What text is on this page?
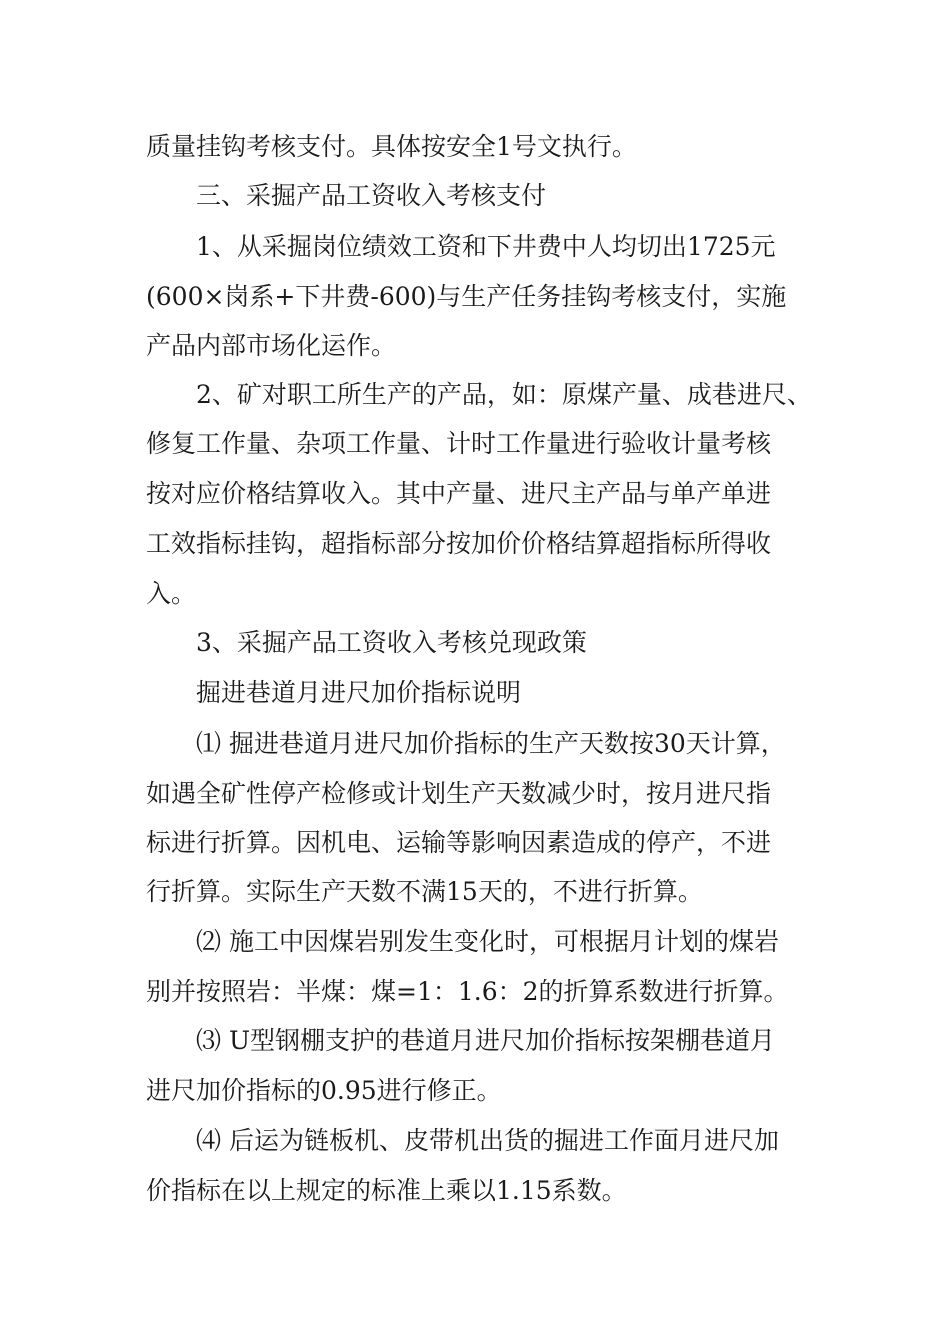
质量挂钩考核支付。具体按安全1号文执行。
三、采掘产品工资收入考核支付
1、从采掘岗位绩效工资和下井费中人均切出1725元
(600×岗系+下井费-600)与生产任务挂钩考核支付，实施
产品内部市场化运作。
2、矿对职工所生产的产品，如：原煤产量、成巷进尺、
修复工作量、杂项工作量、计时工作量进行验收计量考核
按对应价格结算收入。其中产量、进尺主产品与单产单进
工效指标挂钩，超指标部分按加价价格结算超指标所得收
入。
3、采掘产品工资收入考核兑现政策
掘进巷道月进尺加价指标说明
⑴ 掘进巷道月进尺加价指标的生产天数按30天计算，
如遇全矿性停产检修或计划生产天数减少时，按月进尺指
标进行折算。因机电、运输等影响因素造成的停产，不进
行折算。实际生产天数不满15天的，不进行折算。
⑵ 施工中因煤岩别发生变化时，可根据月计划的煤岩
别并按照岩：半煤：煤=1：1.6：2的折算系数进行折算。
⑶ U型钢棚支护的巷道月进尺加价指标按架棚巷道月
进尺加价指标的0.95进行修正。
⑷ 后运为链板机、皮带机出货的掘进工作面月进尺加
价指标在以上规定的标准上乘以1.15系数。
